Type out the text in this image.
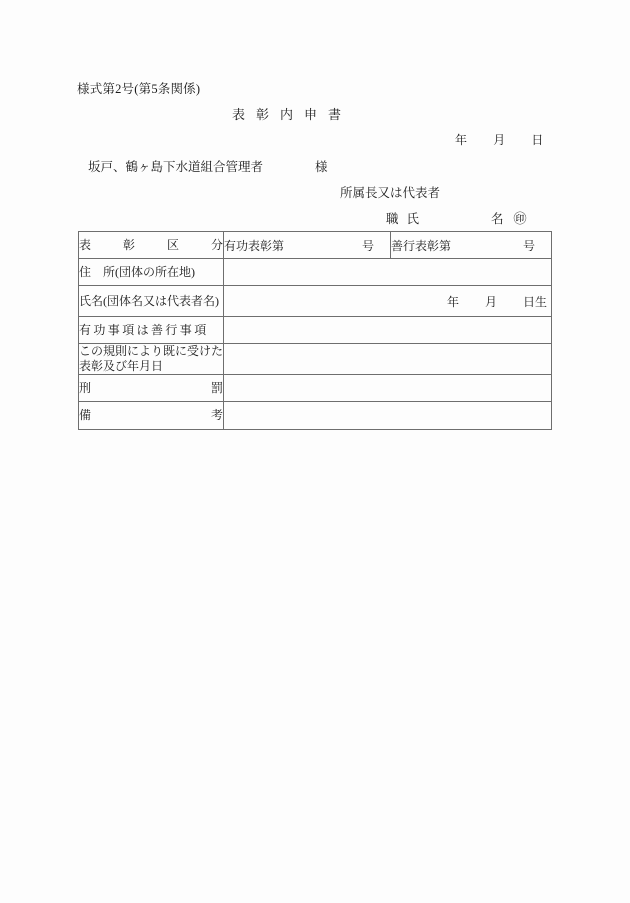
様式第2号(第5条関係)
表彰内申書
年 月 日
坂戸、鶴ヶ島下水道組合管理者	様
所属長又は代表者
職 氏	名 ㊞
表 彰 区 分	有功表彰第 号	善行表彰第 号

住　所(団体の所在地)		
氏名(団体名又は代表者名)	年 月 日生	

有功事項は善行事項		
この規則により既に受けた表彰及び年月日		

刑 罰		

備 考		
